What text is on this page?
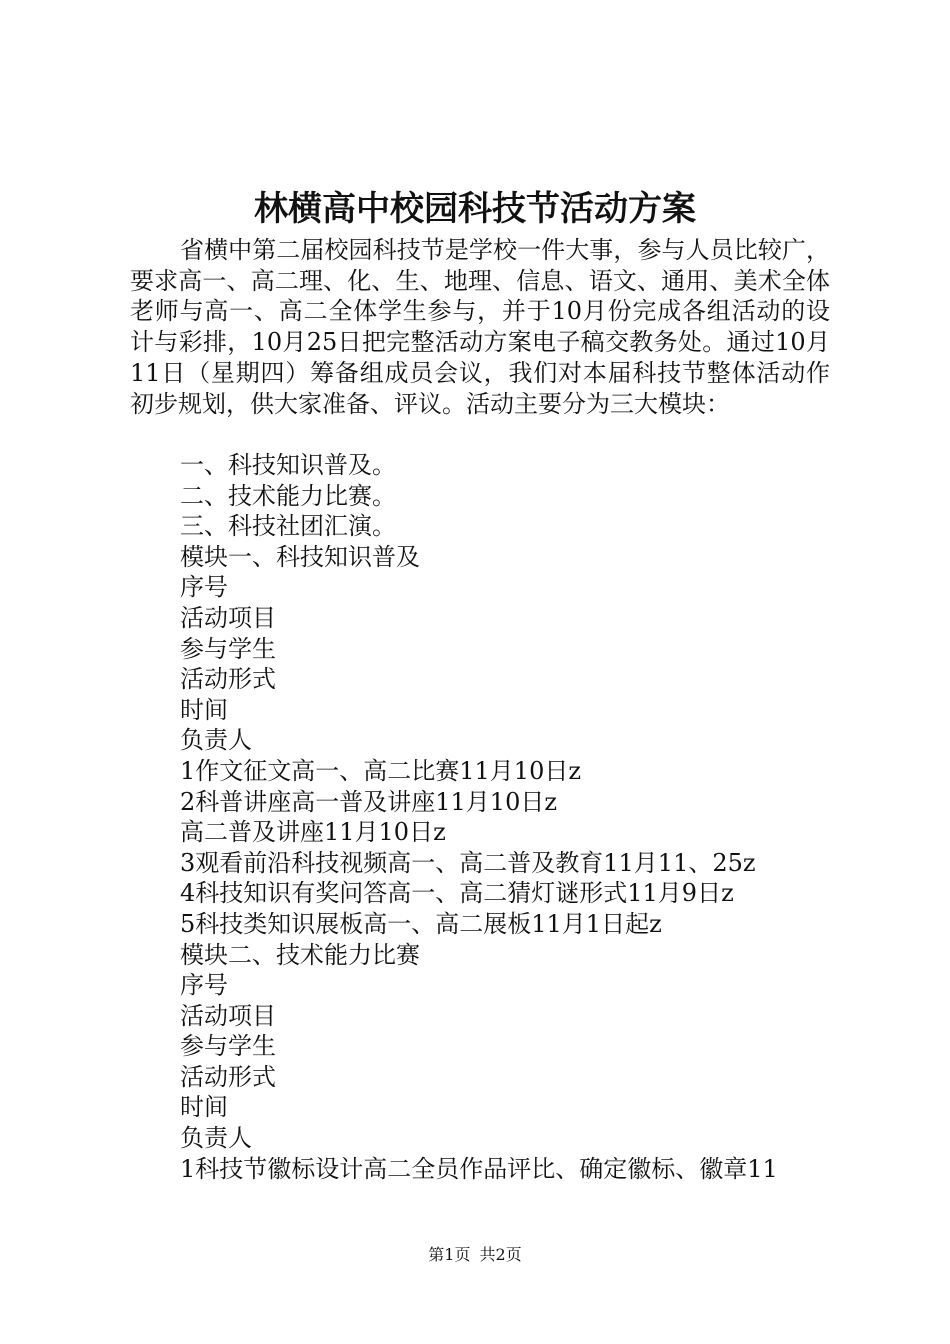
林横高中校园科技节活动方案

省横中第二届校园科技节是学校一件大事，参与人员比较广，要求高一、高二理、化、生、地理、信息、语文、通用、美术全体老师与高一、高二全体学生参与，并于10月份完成各组活动的设计与彩排，10月25日把完整活动方案电子稿交教务处。通过10月11日（星期四）筹备组成员会议，我们对本届科技节整体活动作初步规划，供大家准备、评议。活动主要分为三大模块：

一、科技知识普及。
二、技术能力比赛。
三、科技社团汇演。
模块一、科技知识普及
序号
活动项目
参与学生
活动形式
时间
负责人
1作文征文高一、高二比赛11月10日z
2科普讲座高一普及讲座11月10日z
高二普及讲座11月10日z
3观看前沿科技视频高一、高二普及教育11月11、25z
4科技知识有奖问答高一、高二猜灯谜形式11月9日z
5科技类知识展板高一、高二展板11月1日起z
模块二、技术能力比赛
序号
活动项目
参与学生
活动形式
时间
负责人
1科技节徽标设计高二全员作品评比、确定徽标、徽章11
第1页 共2页
